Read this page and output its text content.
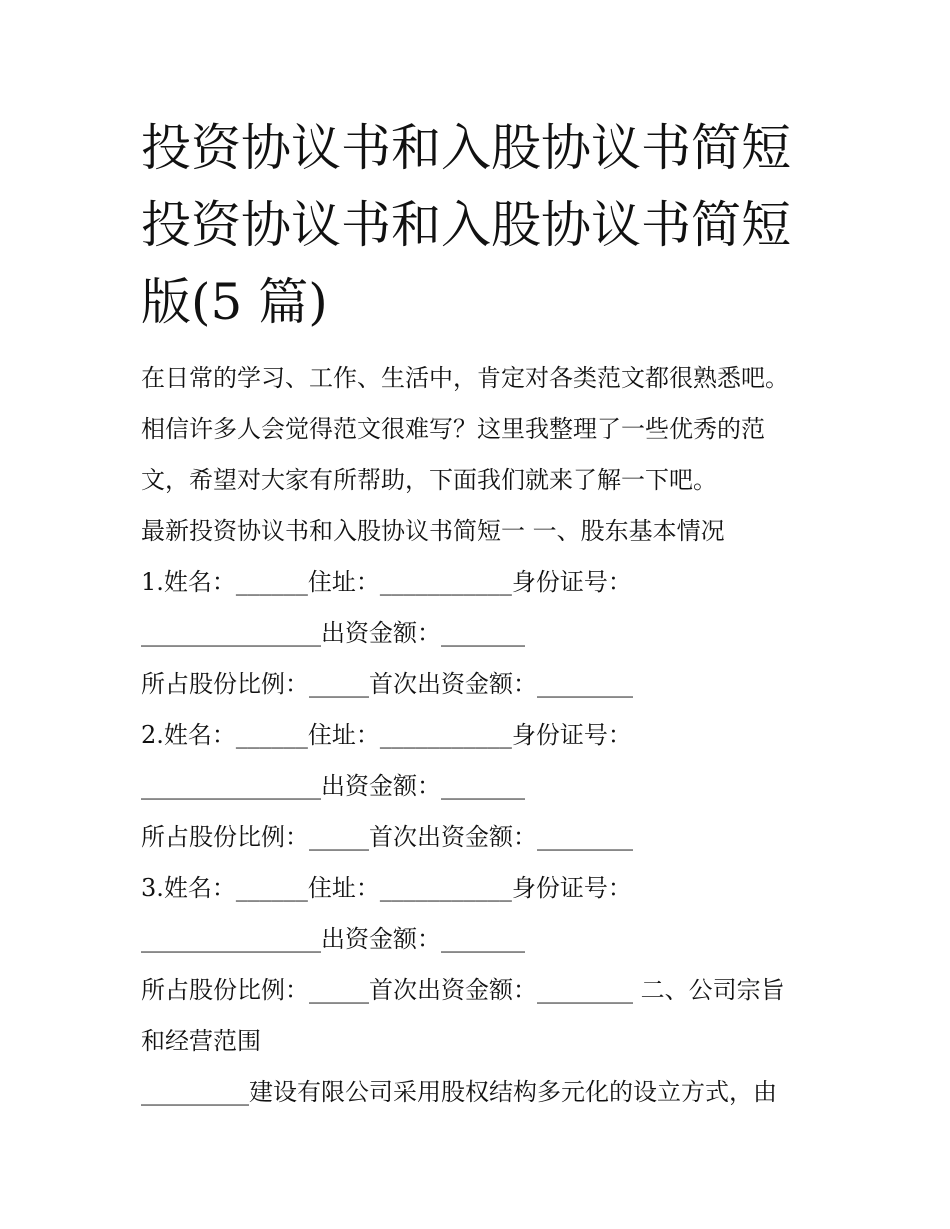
投资协议书和入股协议书简短
投资协议书和入股协议书简短
版(5 篇)
在日常的学习、工作、生活中，肯定对各类范文都很熟悉吧。
相信许多人会觉得范文很难写？这里我整理了一些优秀的范
文，希望对大家有所帮助，下面我们就来了解一下吧。
最新投资协议书和入股协议书简短一 一、股东基本情况
1.姓名：______住址：___________身份证号：
_______________出资金额：_______
所占股份比例：_____首次出资金额：________
2.姓名：______住址：___________身份证号：
_______________出资金额：_______
所占股份比例：_____首次出资金额：________
3.姓名：______住址：___________身份证号：
_______________出资金额：_______
所占股份比例：_____首次出资金额：________ 二、公司宗旨
和经营范围
_________建设有限公司采用股权结构多元化的设立方式，由
